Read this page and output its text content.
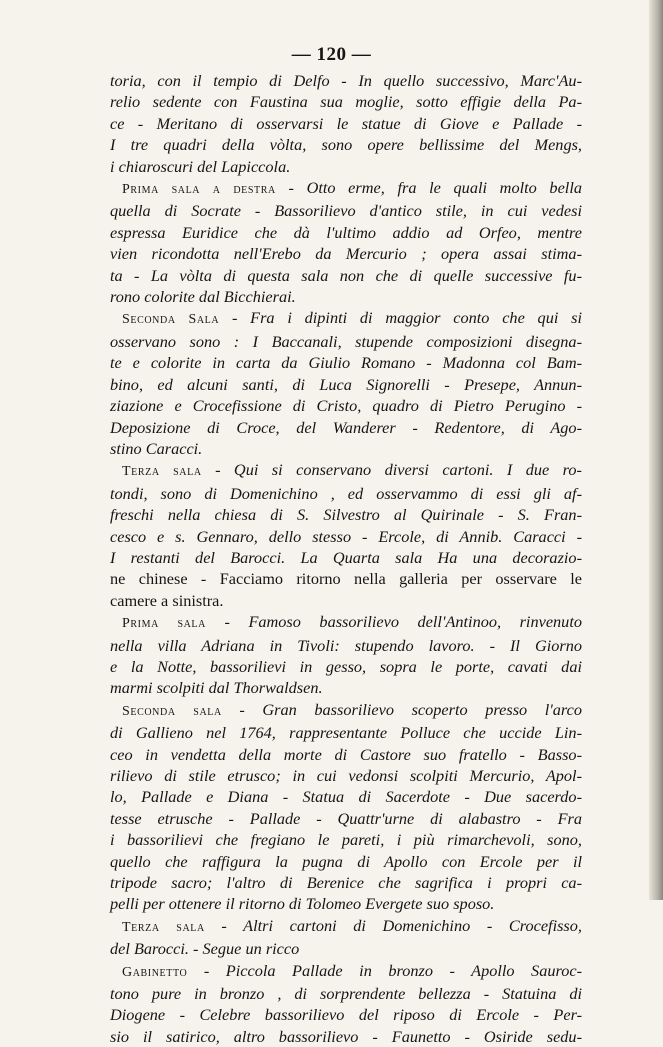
— 120 —
toria, con il tempio di Delfo - In quello successivo, Marc'Au-
relio sedente con Faustina sua moglie, sotto effigie della Pa-
ce - Meritano di osservarsi le statue di Giove e Pallade -
I tre quadri della vòlta, sono opere bellissime del Mengs,
i chiaroscuri del Lapiccola.
Prima sala a destra - Otto erme, fra le quali molto bella
quella di Socrate - Bassorilievo d'antico stile, in cui vedesi
espressa Euridice che dà l'ultimo addio ad Orfeo, mentre
vien ricondotta nell'Erebo da Mercurio ; opera assai stima-
ta - La vòlta di questa sala non che di quelle successive fu-
rono colorite dal Bicchierai.
Seconda Sala - Fra i dipinti di maggior conto che qui si
osservano sono : I Baccanali, stupende composizioni disegna-
te e colorite in carta da Giulio Romano - Madonna col Bam-
bino, ed alcuni santi, di Luca Signorelli - Presepe, Annun-
ziazione e Crocefissione di Cristo, quadro di Pietro Perugino -
Deposizione di Croce, del Wanderer - Redentore, di Ago-
stino Caracci.
Terza sala - Qui si conservano diversi cartoni. I due ro-
tondi, sono di Domenichino , ed osservammo di essi gli af-
freschi nella chiesa di S. Silvestro al Quirinale - S. Fran-
cesco e s. Gennaro, dello stesso - Ercole, di Annib. Caracci -
I restanti del Barocci. La Quarta sala Ha una decorazio-
ne chinese - Facciamo ritorno nella galleria per osservare le
camere a sinistra.
Prima sala - Famoso bassorilievo dell'Antinoo, rinvenuto
nella villa Adriana in Tivoli: stupendo lavoro. - Il Giorno
e la Notte, bassorilievi in gesso, sopra le porte, cavati dai
marmi scolpiti dal Thorwaldsen.
Seconda sala - Gran bassorilievo scoperto presso l'arco
di Gallieno nel 1764, rappresentante Polluce che uccide Lin-
ceo in vendetta della morte di Castore suo fratello - Basso-
rilievo di stile etrusco; in cui vedonsi scolpiti Mercurio, Apol-
lo, Pallade e Diana - Statua di Sacerdote - Due sacerdo-
tesse etrusche - Pallade - Quattr'urne di alabastro - Fra
i bassorilievi che fregiano le pareti, i più rimarchevoli, sono,
quello che raffigura la pugna di Apollo con Ercole per il
tripode sacro; l'altro di Berenice che sagrifica i propri ca-
pelli per ottenere il ritorno di Tolomeo Evergete suo sposo.
Terza sala - Altri cartoni di Domenichino - Crocefisso,
del Barocci. - Segue un ricco
Gabinetto - Piccola Pallade in bronzo - Apollo Sauroc-
tono pure in bronzo , di sorprendente bellezza - Statuina di
Diogene - Celebre bassorilievo del riposo di Ercole - Per-
sio il satirico, altro bassorilievo - Faunetto - Osiride sedu-
